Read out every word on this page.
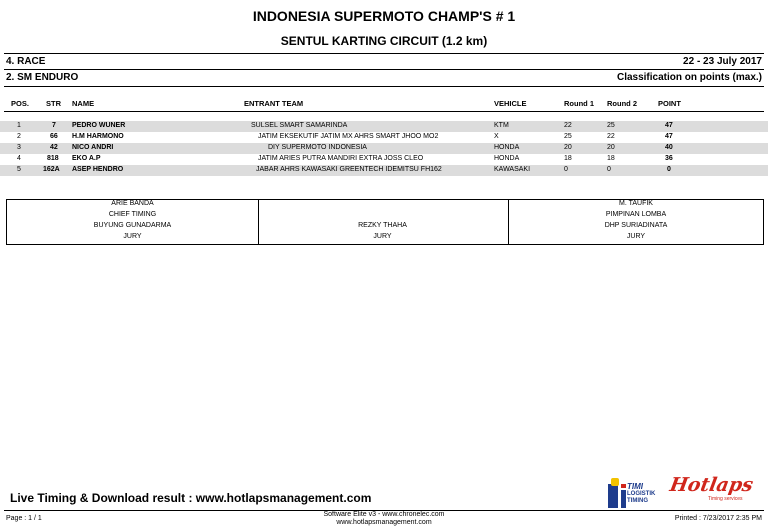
INDONESIA SUPERMOTO CHAMP'S # 1
SENTUL KARTING CIRCUIT (1.2 km)
4. RACE	22 - 23 July 2017
2. SM ENDURO	Classification on points (max.)
POS. STR NAME	ENTRANT TEAM	VEHICLE	Round 1 Round 2	POINT
1	7 PEDRO WUNER	SULSEL SMART SAMARINDA	KTM	22	25	47
2	66 H.M HARMONO	JATIM EKSEKUTIF JATIM MX AHRS SMART JHOO MO2	X	25	22	47
3	42 NICO ANDRI	DIY SUPERMOTO INDONESIA	HONDA	20	20	40
4	818 EKO A.P	JATIM ARIES PUTRA MANDIRI EXTRA JOSS CLEO	HONDA	18	18	36
5	162A ASEP HENDRO	JABAR AHRS KAWASAKI GREENTECH IDEMITSU FH162	KAWASAKI	0	0	0
ARIE BANDA
CHIEF TIMING
BUYUNG GUNADARMA
JURY
REZKY THAHA
JURY
M. TAUFIK
PIMPINAN LOMBA
DHP SURIADINATA
JURY
Live Timing & Download result : www.hotlapsmanagement.com
TIMI
LOGISTIK
TIMING
Hotlaps
Timing services
Page : 1 / 1
Software Elite v3 - www.chronelec.com
www.hotlapsmanagement.com
Printed : 7/23/2017 2:35 PM
